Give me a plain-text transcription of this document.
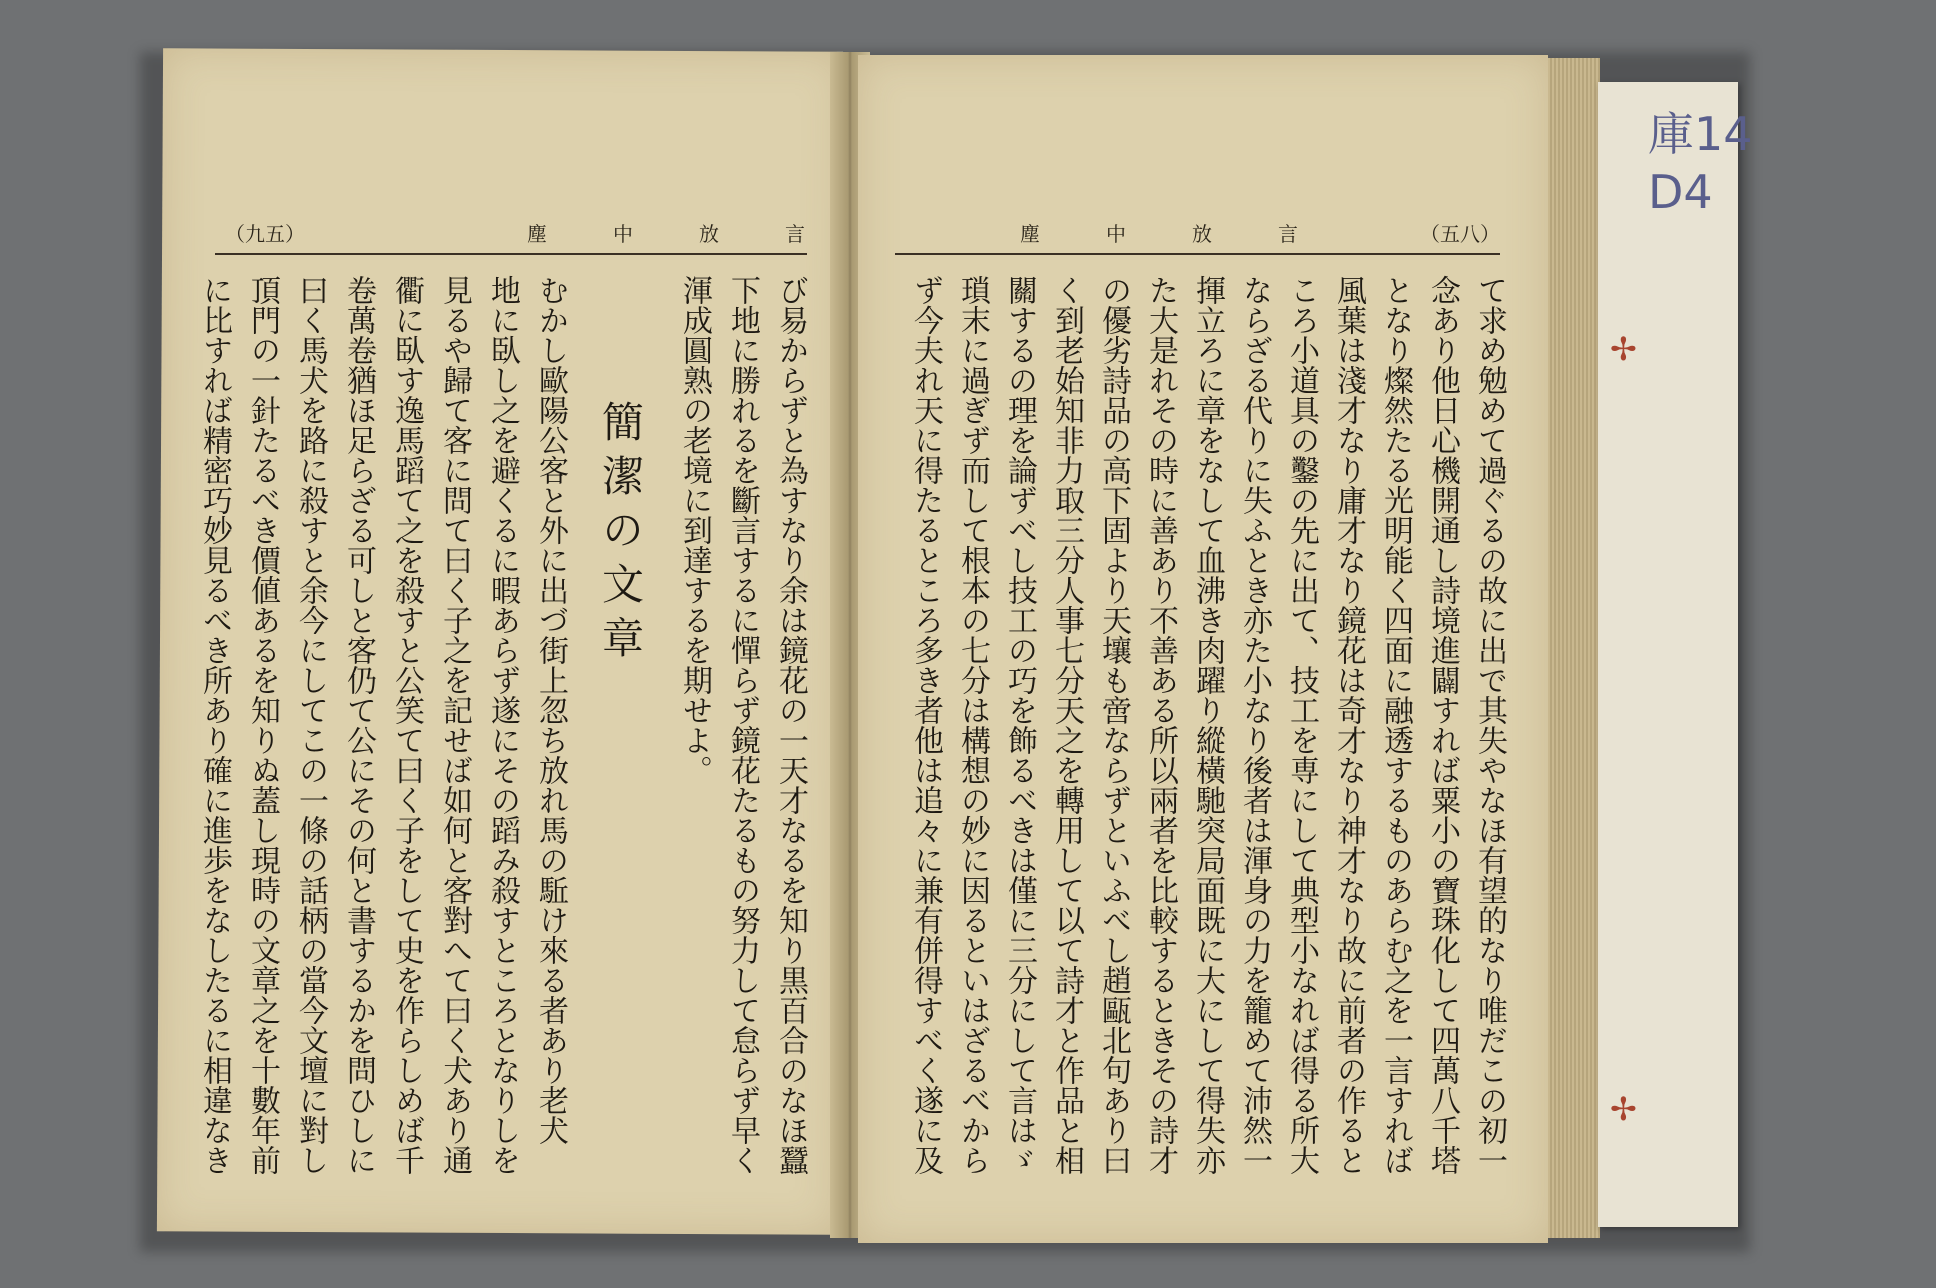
庫14
D4
✢
✢
（九五）	塵中放言
び易からずと為すなり余は鏡花の一天才なるを知り黒百合のなほ蠶
下地に勝れるを斷言するに憚らず鏡花たるもの努力して怠らず早く
渾成圓熟の老境に到達するを期せよ。
簡潔の文章
むかし歐陽公客と外に出づ街上忽ち放れ馬の駈け來る者あり老犬
地に臥し之を避くるに暇あらず遂にその蹈み殺すところとなりしを
見るや歸て客に問て曰く子之を記せば如何と客對へて曰く犬あり通
衢に臥す逸馬蹈て之を殺すと公笑て曰く子をして史を作らしめば千
卷萬卷猶ほ足らざる可しと客仍て公にその何と書するかを問ひしに
曰く馬犬を路に殺すと余今にしてこの一條の話柄の當今文壇に對し
頂門の一針たるべき價値あるを知りぬ蓋し現時の文章之を十數年前
に比すれば精密巧妙見るべき所あり確に進歩をなしたるに相違なき
塵中放言	（五八）
て求め勉めて過ぐるの故に出で其失やなほ有望的なり唯だこの初一
念あり他日心機開通し詩境進闢すれば粟小の寶珠化して四萬八千塔
となり燦然たる光明能く四面に融透するものあらむ之を一言すれば
風葉は淺才なり庸才なり鏡花は奇才なり神才なり故に前者の作ると
ころ小道具の鑿の先に出て、技工を専にして典型小なれば得る所大
ならざる代りに失ふとき亦た小なり後者は渾身の力を籠めて沛然一
揮立ろに章をなして血沸き肉躍り縱橫馳突局面既に大にして得失亦
た大是れその時に善あり不善ある所以兩者を比較するときその詩才
の優劣詩品の高下固より天壤も啻ならずといふべし趙甌北句あり曰
く到老始知非力取三分人事七分天之を轉用して以て詩才と作品と相
關するの理を論ずべし技工の巧を飾るべきは僅に三分にして言はゞ
瑣末に過ぎず而して根本の七分は構想の妙に因るといはざるべから
ず今夫れ天に得たるところ多き者他は追々に兼有併得すべく遂に及
